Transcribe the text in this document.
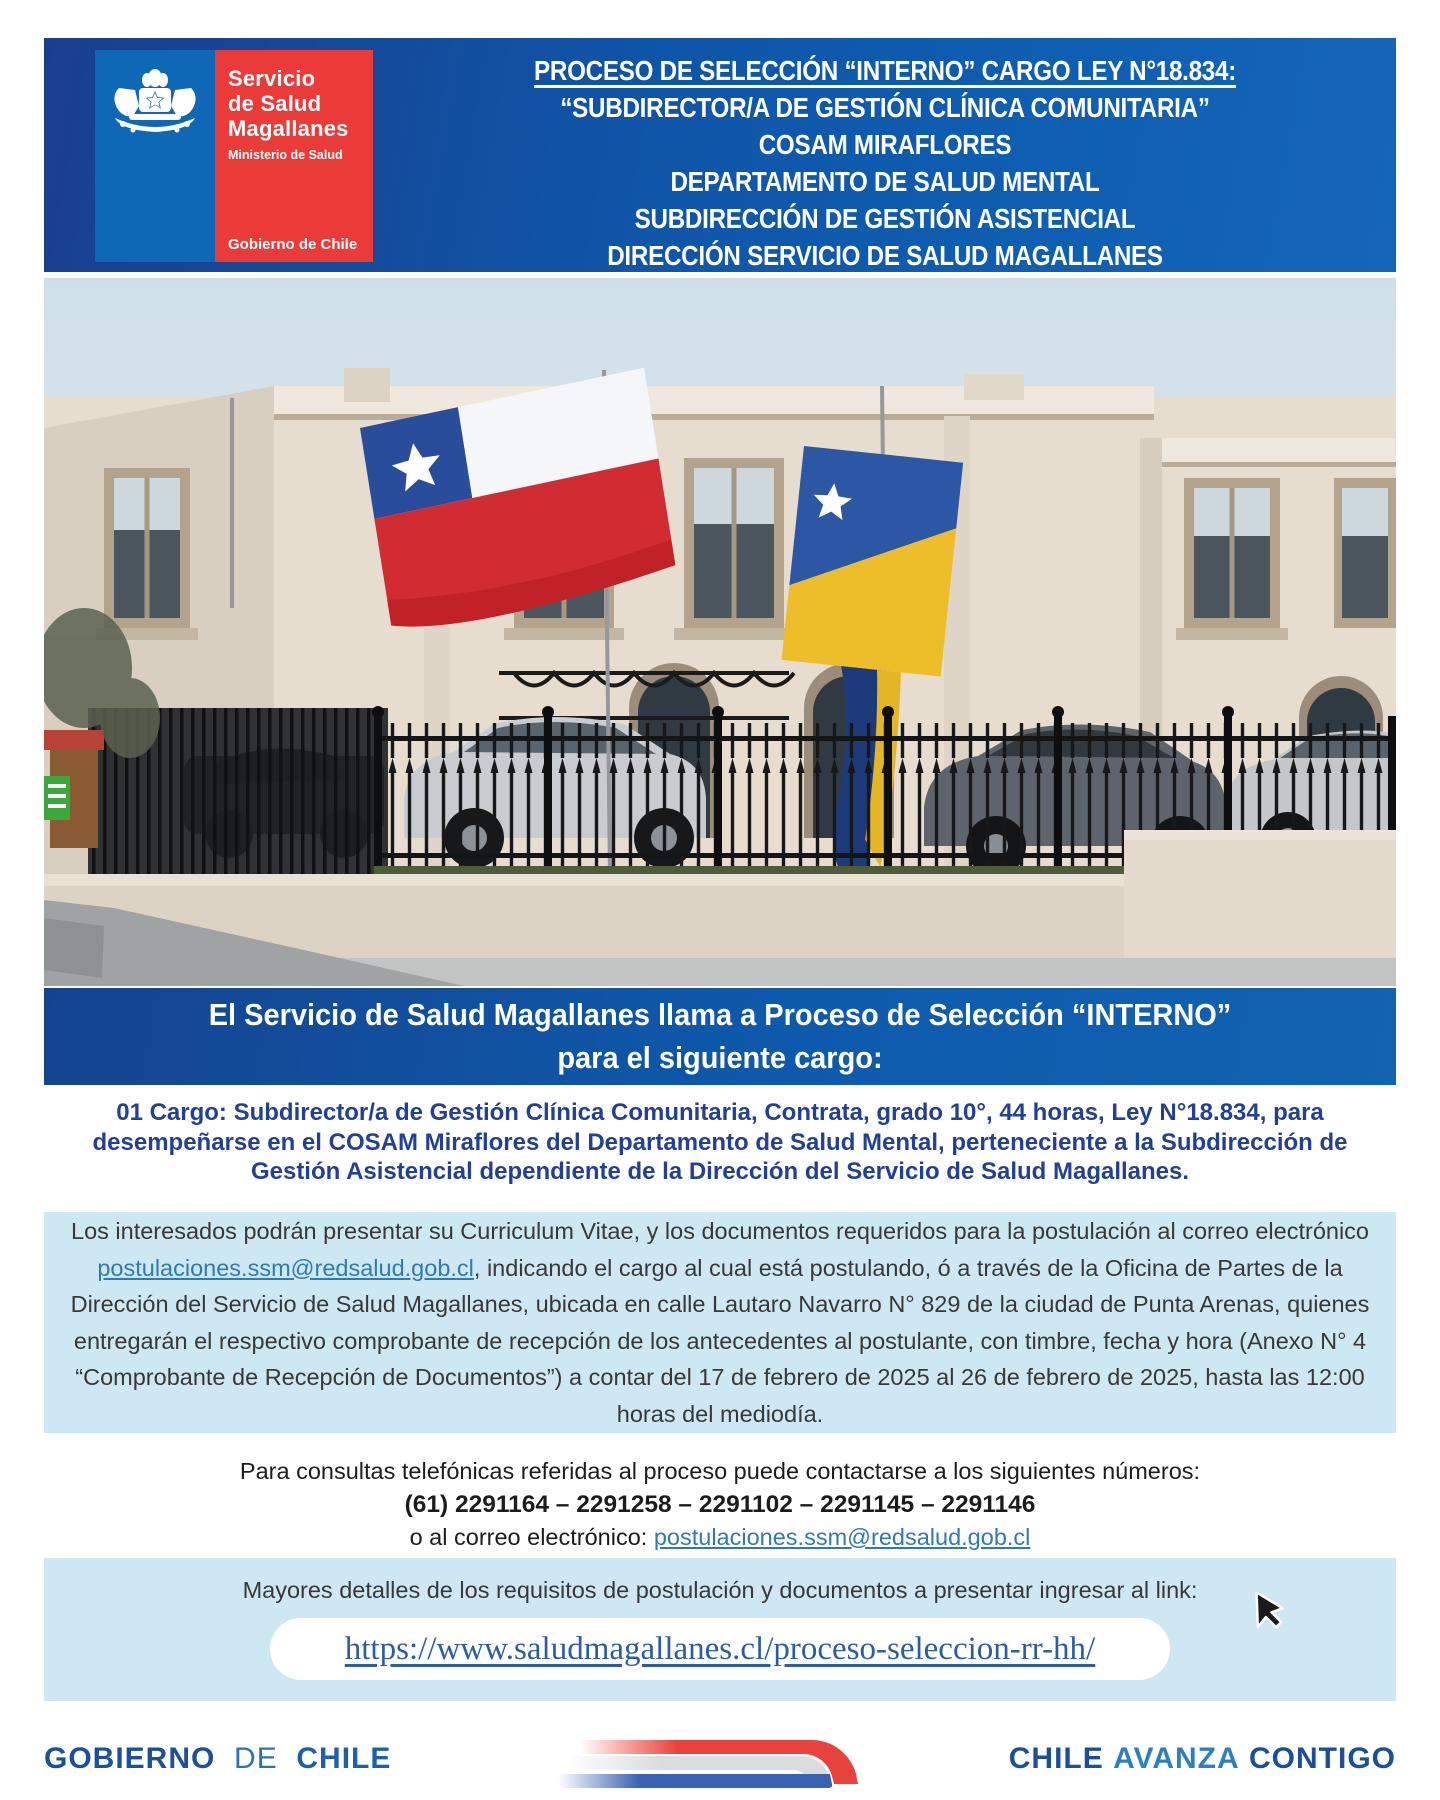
PROCESO DE SELECCIÓN “INTERNO” CARGO LEY N°18.834:
“SUBDIRECTOR/A DE GESTIÓN CLÍNICA COMUNITARIA”
COSAM MIRAFLORES
DEPARTAMENTO DE SALUD MENTAL
SUBDIRECCIÓN DE GESTIÓN ASISTENCIAL
DIRECCIÓN SERVICIO DE SALUD MAGALLANES
Servicio
de Salud
Magallanes
Ministerio de Salud
Gobierno de Chile
El Servicio de Salud Magallanes llama a Proceso de Selección “INTERNO”
para el siguiente cargo:
01 Cargo: Subdirector/a de Gestión Clínica Comunitaria, Contrata, grado 10°, 44 horas, Ley N°18.834, para desempeñarse en el COSAM Miraflores del Departamento de Salud Mental, perteneciente a la Subdirección de Gestión Asistencial dependiente de la Dirección del Servicio de Salud Magallanes.

Los interesados podrán presentar su Curriculum Vitae, y los documentos requeridos para la postulación al correo electrónico postulaciones.ssm@redsalud.gob.cl, indicando el cargo al cual está postulando, ó a través de la Oficina de Partes de la Dirección del Servicio de Salud Magallanes, ubicada en calle Lautaro Navarro N° 829 de la ciudad de Punta Arenas, quienes entregarán el respectivo comprobante de recepción de los antecedentes al postulante, con timbre, fecha y hora (Anexo N° 4 “Comprobante de Recepción de Documentos”) a contar del 17 de febrero de 2025 al 26 de febrero de 2025, hasta las 12:00 horas del mediodía.

Para consultas telefónicas referidas al proceso puede contactarse a los siguientes números:
(61) 2291164 – 2291258 – 2291102 – 2291145 – 2291146
o al correo electrónico: postulaciones.ssm@redsalud.gob.cl
Mayores detalles de los requisitos de postulación y documentos a presentar ingresar al link:
https://www.saludmagallanes.cl/proceso-seleccion-rr-hh/
GOBIERNO DE CHILE	CHILE AVANZA CONTIGO
